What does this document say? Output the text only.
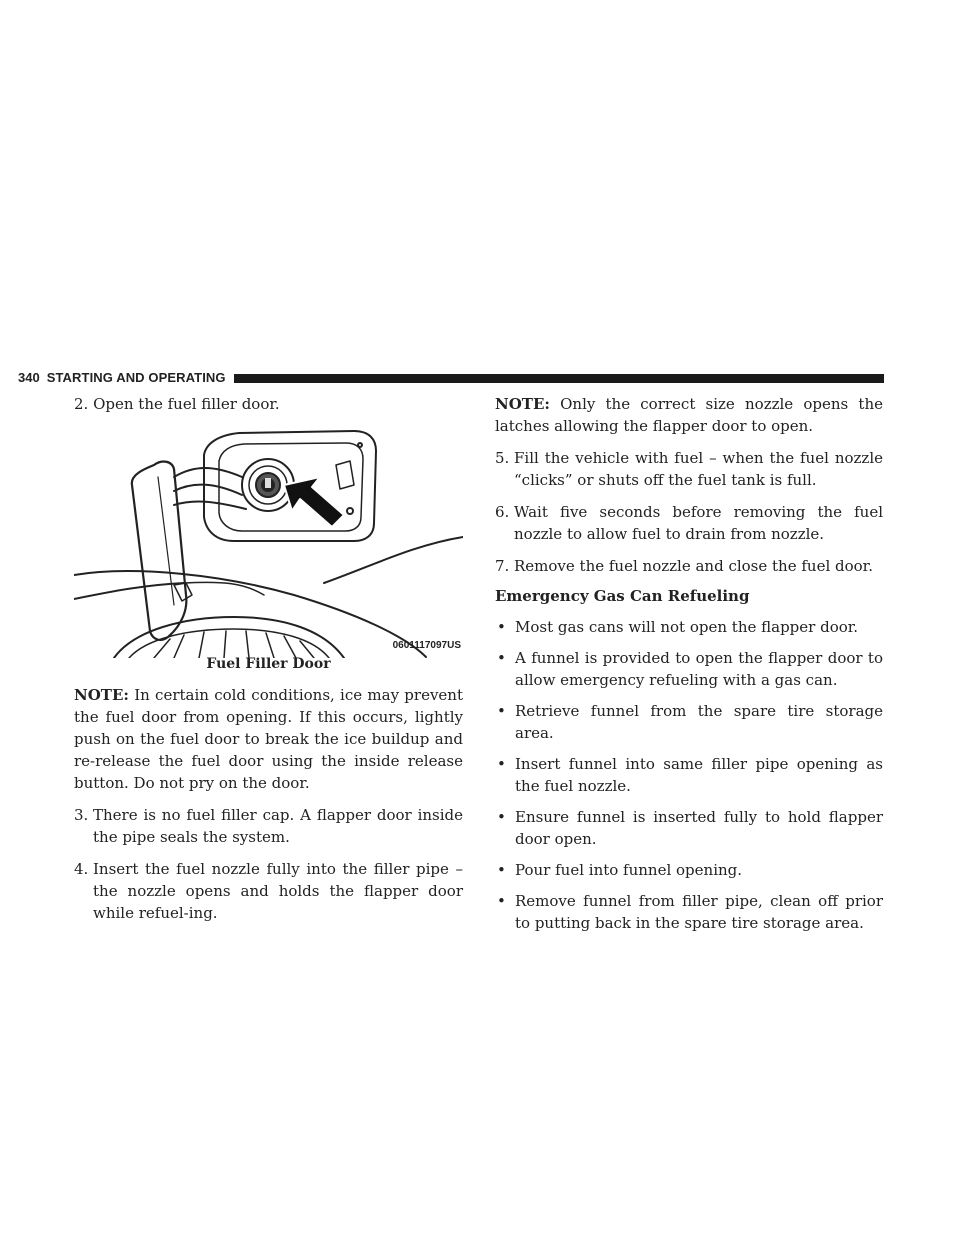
340 STARTING AND OPERATING

2. Open the fuel filler door.

0601117097US
Fuel Filler Door

NOTE: In certain cold conditions, ice may prevent the fuel door from opening. If this occurs, lightly push on the fuel door to break the ice buildup and re-release the fuel door using the inside release button. Do not pry on the door.

3. There is no fuel filler cap. A flapper door inside the pipe seals the system.
4. Insert the fuel nozzle fully into the filler pipe – the nozzle opens and holds the flapper door while refuel-ing.

NOTE: Only the correct size nozzle opens the latches allowing the flapper door to open.

5. Fill the vehicle with fuel – when the fuel nozzle “clicks” or shuts off the fuel tank is full.
6. Wait five seconds before removing the fuel nozzle to allow fuel to drain from nozzle.
7. Remove the fuel nozzle and close the fuel door.
Emergency Gas Can Refueling
• Most gas cans will not open the flapper door.
• A funnel is provided to open the flapper door to allow emergency refueling with a gas can.
• Retrieve funnel from the spare tire storage area.
• Insert funnel into same filler pipe opening as the fuel nozzle.
• Ensure funnel is inserted fully to hold flapper door open.
• Pour fuel into funnel opening.
• Remove funnel from filler pipe, clean off prior to putting back in the spare tire storage area.
